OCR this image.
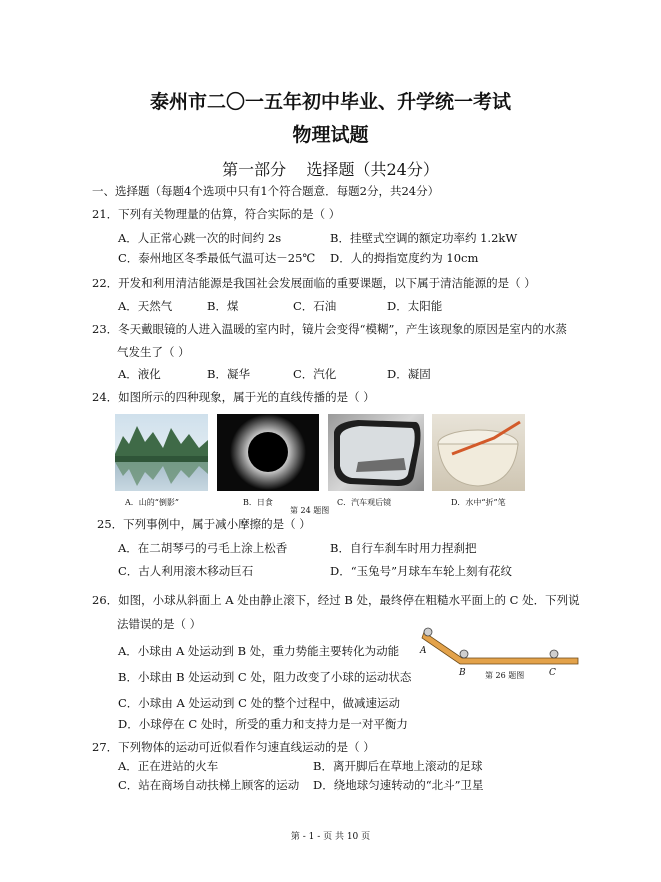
泰州市二〇一五年初中毕业、升学统一考试
物理试题
第一部分    选择题（共24分）
一、选择题（每题4个选项中只有1个符合题意．每题2分，共24分）
21．下列有关物理量的估算，符合实际的是（ ）
A．人正常心跳一次的时间约 2s	B．挂壁式空调的额定功率约 1.2kW
C．泰州地区冬季最低气温可达－25℃ D．人的拇指宽度约为 10cm
22．开发和利用清洁能源是我国社会发展面临的重要课题，以下属于清洁能源的是（ ）
A．天然气	B．煤	C．石油	D．太阳能
23．冬天戴眼镜的人进入温暖的室内时，镜片会变得“模糊”，产生该现象的原因是室内的水蒸
气发生了（ ）
A．液化	B．凝华	C．汽化	D．凝固
24．如图所示的四种现象，属于光的直线传播的是（ ）
A．山的“倒影”	B．日食
第 24 题图
C．汽车观后镜	D．水中“折”笔
25．下列事例中，属于减小摩擦的是（ ）
A．在二胡琴弓的弓毛上涂上松香	B．自行车刹车时用力捏刹把
C．古人利用滚木移动巨石	D．“玉兔号”月球车车轮上刻有花纹
26．如图，小球从斜面上 A 处由静止滚下，经过 B 处，最终停在粗糙水平面上的 C 处．下列说
法错误的是（ ）
A．小球由 A 处运动到 B 处，重力势能主要转化为动能
B．小球由 B 处运动到 C 处，阻力改变了小球的运动状态
C．小球由 A 处运动到 C 处的整个过程中，做减速运动
D．小球停在 C 处时，所受的重力和支持力是一对平衡力
A
B	C
第 26 题图
27．下列物体的运动可近似看作匀速直线运动的是（ ）
A．正在进站的火车	B．离开脚后在草地上滚动的足球
C．站在商场自动扶梯上顾客的运动 D．绕地球匀速转动的“北斗”卫星
第 - 1 - 页 共 10 页
